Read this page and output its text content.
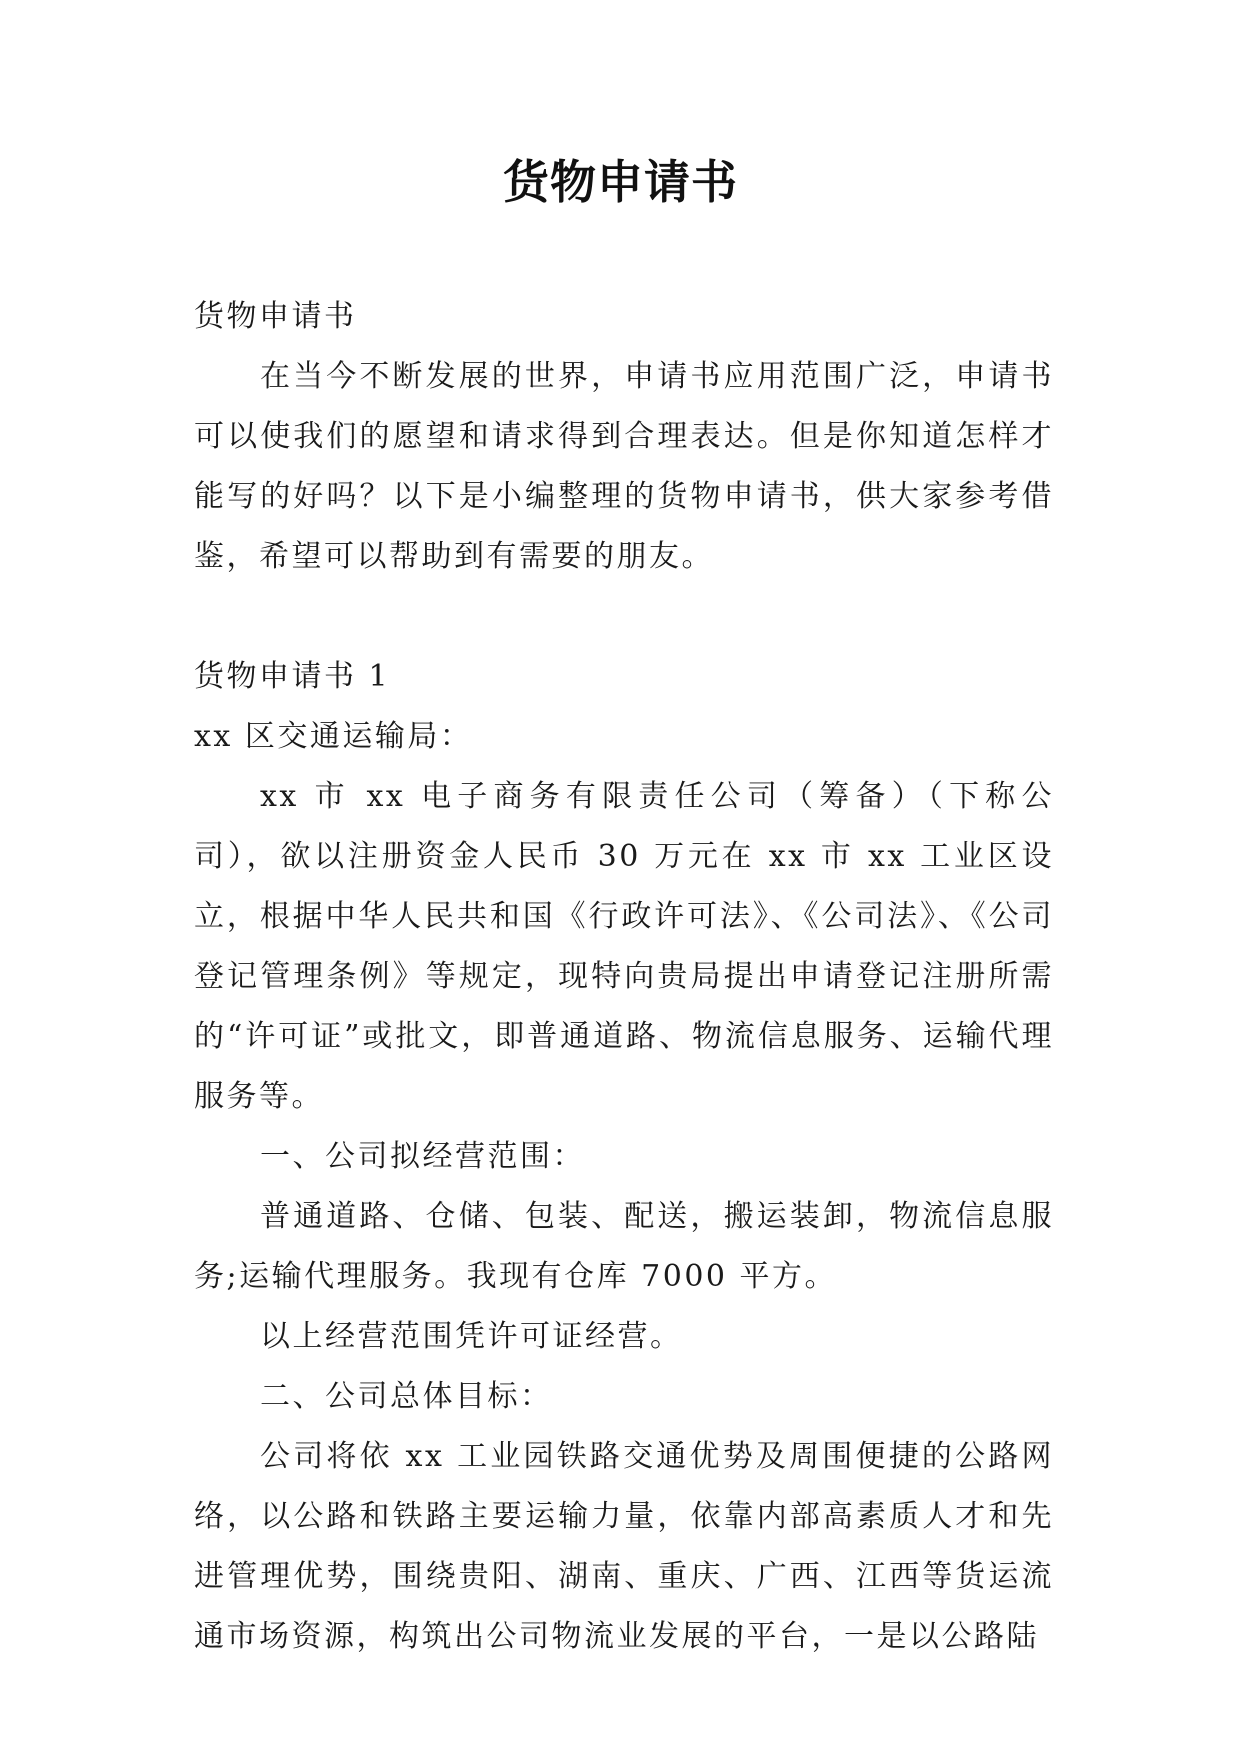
货物申请书

货物申请书

在当今不断发展的世界，申请书应用范围广泛，申请书可以使我们的愿望和请求得到合理表达。但是你知道怎样才能写的好吗？以下是小编整理的货物申请书，供大家参考借鉴，希望可以帮助到有需要的朋友。

货物申请书 1

xx 区交通运输局：

xx 市 xx 电子商务有限责任公司（筹备）（下称公司），欲以注册资金人民币 30 万元在 xx 市 xx 工业区设立，根据中华人民共和国《行政许可法》、《公司法》、《公司登记管理条例》等规定，现特向贵局提出申请登记注册所需的“许可证”或批文，即普通道路、物流信息服务、运输代理服务等。

一、公司拟经营范围：

普通道路、仓储、包装、配送，搬运装卸，物流信息服务;运输代理服务。我现有仓库 7000 平方。

以上经营范围凭许可证经营。

二、公司总体目标：

公司将依 xx 工业园铁路交通优势及周围便捷的公路网络，以公路和铁路主要运输力量，依靠内部高素质人才和先进管理优势，围绕贵阳、湖南、重庆、广西、江西等货运流通市场资源，构筑出公司物流业发展的平台，一是以公路陆
